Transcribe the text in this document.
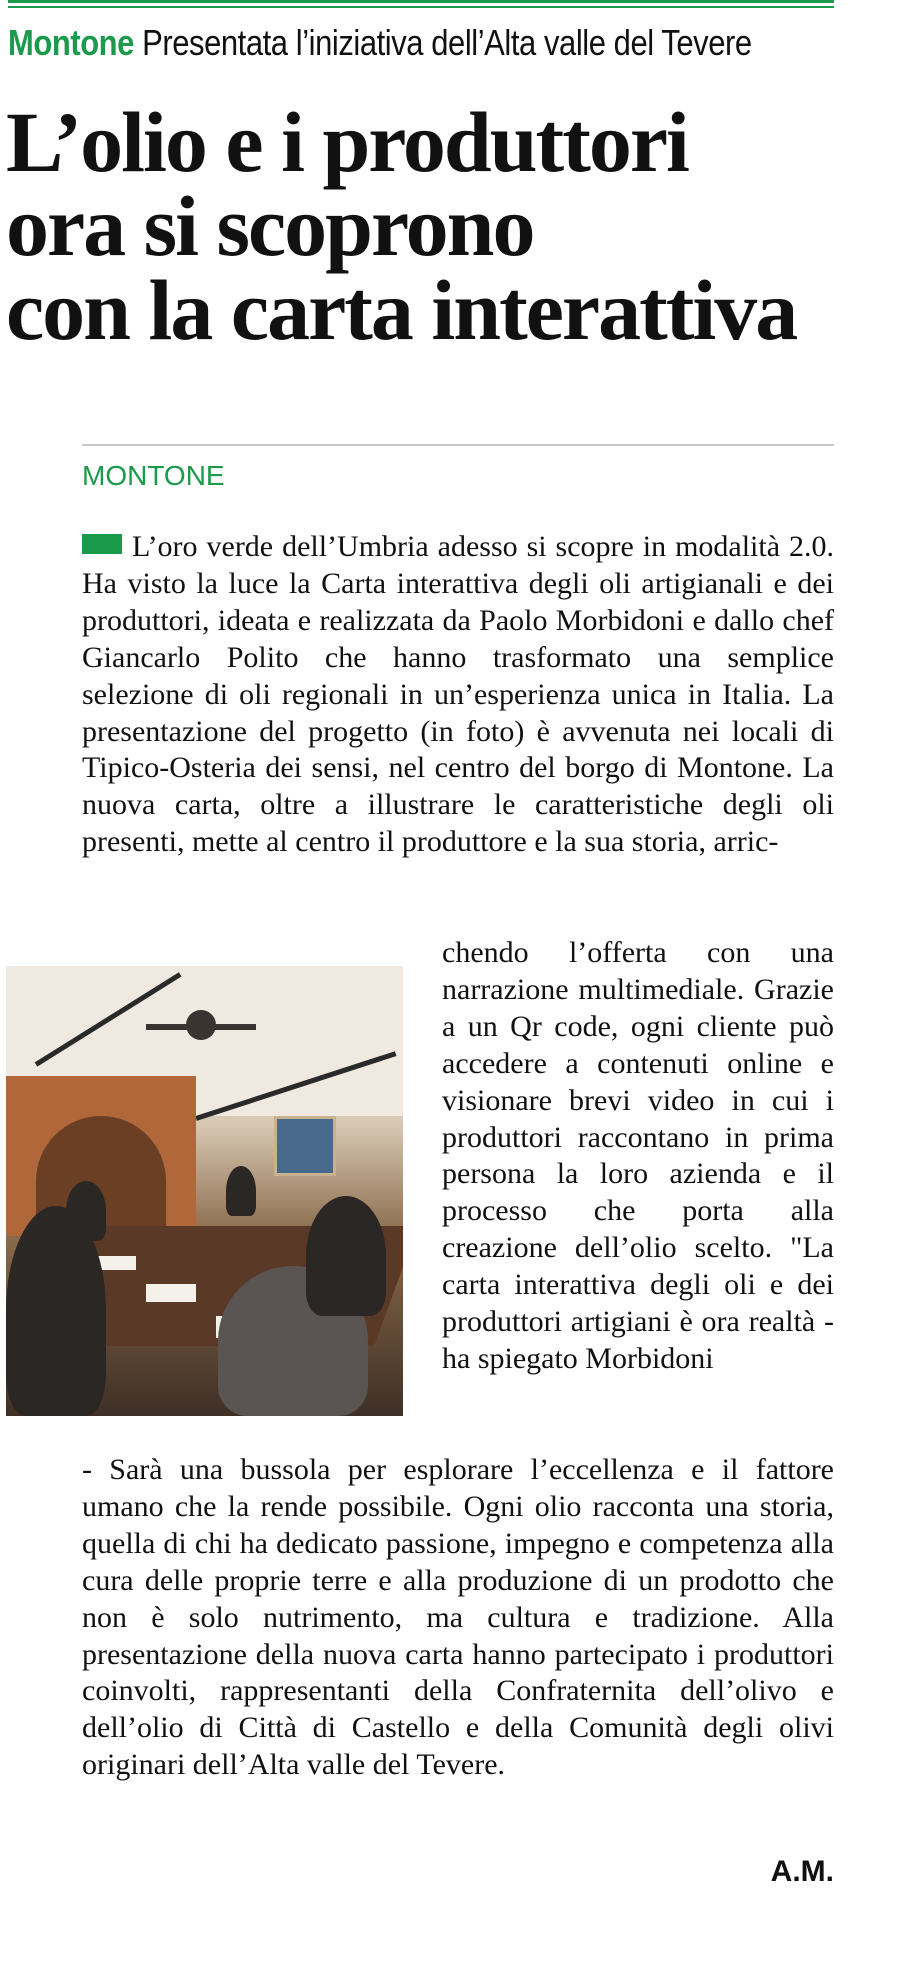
Montone Presentata l’iniziativa dell’Alta valle del Tevere
L’olio e i produttori
ora si scoprono
con la carta interattiva
MONTONE
L’oro verde dell’Umbria adesso si scopre in modalità 2.0. Ha visto la luce la Carta interattiva degli oli artigianali e dei produttori, ideata e realizzata da Paolo Morbidoni e dallo chef Giancarlo Polito che hanno trasformato una semplice selezione di oli regionali in un’esperienza unica in Italia. La presentazione del progetto (in foto) è avvenuta nei locali di Tipico-Osteria dei sensi, nel centro del borgo di Montone. La nuova carta, oltre a illustrare le caratteristiche degli oli presenti, mette al centro il produttore e la sua storia, arric-
chendo l’offerta con una narrazione multimediale. Grazie a un Qr code, ogni cliente può accedere a contenuti online e visionare brevi video in cui i produttori raccontano in prima persona la loro azienda e il processo che porta alla creazione dell’olio scelto. "La carta interattiva degli oli e dei produttori artigiani è ora realtà - ha spiegato Morbidoni
- Sarà una bussola per esplorare l’eccellenza e il fattore umano che la rende possibile. Ogni olio racconta una storia, quella di chi ha dedicato passione, impegno e competenza alla cura delle proprie terre e alla produzione di un prodotto che non è solo nutrimento, ma cultura e tradizione. Alla presentazione della nuova carta hanno partecipato i produttori coinvolti, rappresentanti della Confraternita dell’olivo e dell’olio di Città di Castello e della Comunità degli olivi originari dell’Alta valle del Tevere.
A.M.
